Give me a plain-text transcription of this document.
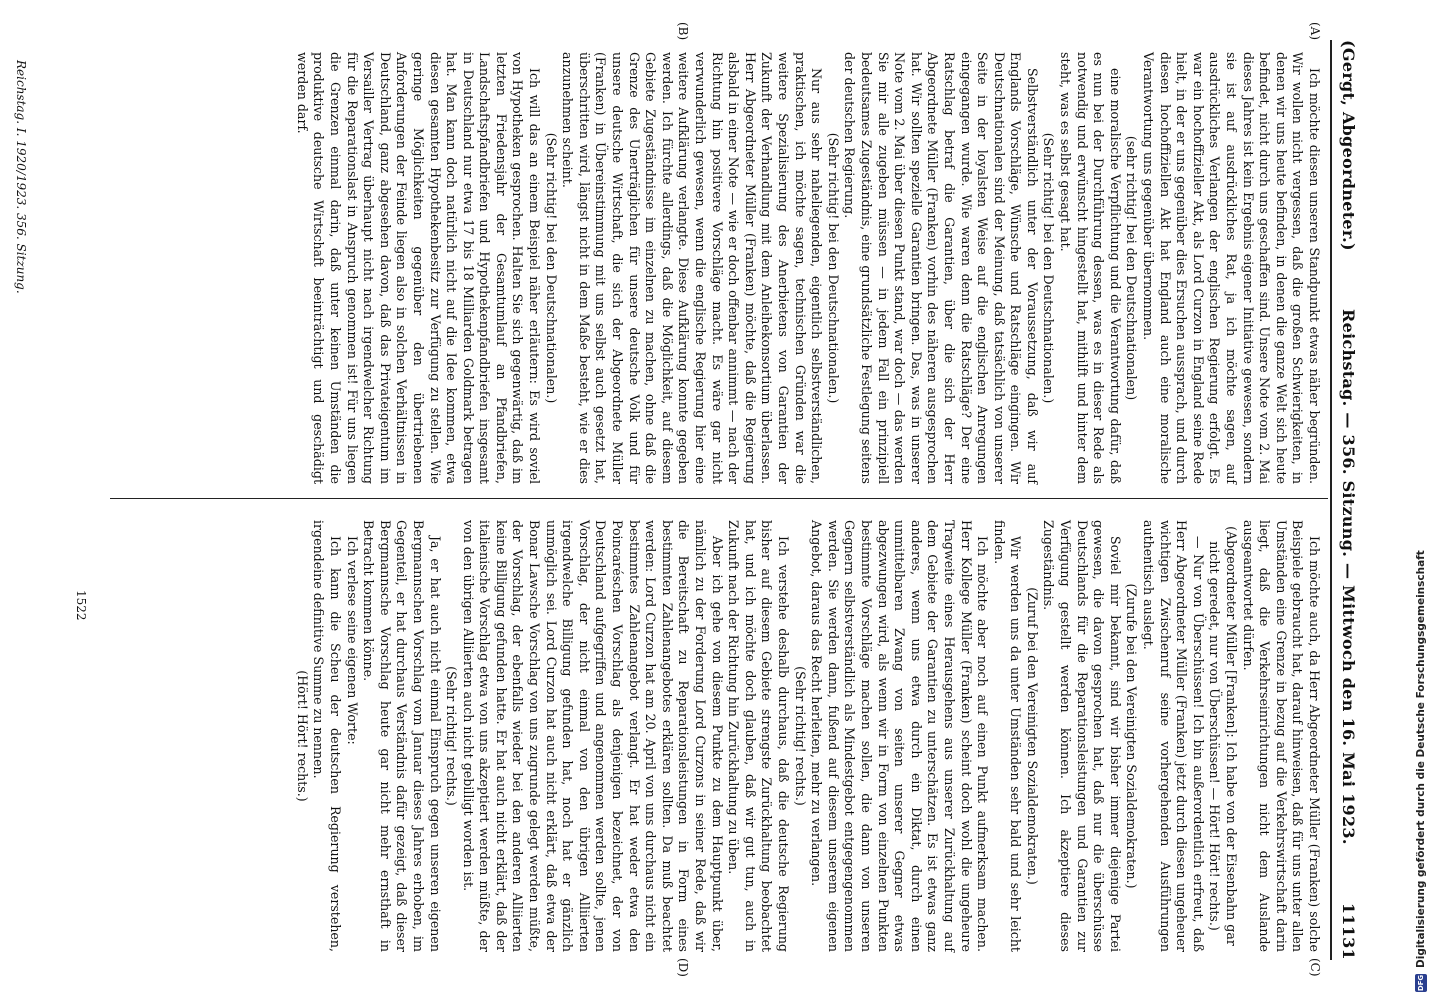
(Gergt, Abgeordneter.)
Reichstag. — 356. Sitzung. — Mittwoch den 16. Mai 1923.
11131
(A)
(B)
(C)
(D)

Ich möchte diesen unseren Standpunkt etwas näher begründen. Wir wollen nicht vergessen, daß die großen Schwierigkeiten, in denen wir uns heute befinden, in denen die ganze Welt sich heute befindet, nicht durch uns geschaffen sind. Unsere Note vom 2. Mai dieses Jahres ist kein Ergebnis eigener Initiative gewesen, sondern sie ist auf ausdrückliches Rat, ja ich möchte sagen, auf ausdrückliches Verlangen der englischen Regierung erfolgt. Es war ein hochoffizieller Akt, als Lord Curzon in England seine Rede hielt, in der er uns gegenüber dies Ersuchen aussprach, und durch diesen hochoffiziellen Akt hat England auch eine moralische Verantwortung uns gegenüber übernommen.

(sehr richtig! bei den Deutschnationalen)

eine moralische Verpflichtung und die Verantwortung dafür, daß es nun bei der Durchführung dessen, was es in dieser Rede als notwendig und erwünscht hingestellt hat, mithilft und hinter dem steht, was es selbst gesagt hat.

(Sehr richtig! bei den Deutschnationalen.)

Selbstverständlich unter der Voraussetzung, daß wir auf Englands Vorschläge, Wünsche und Ratschläge eingingen. Wir Deutschnationalen sind der Meinung, daß tatsächlich von unserer Seite in der loyalsten Weise auf die englischen Anregungen eingegangen wurde. Wie waren denn die Ratschläge? Der eine Ratschlag betraf die Garantien, über die sich der Herr Abgeordnete Müller (Franken) vorhin des näheren ausgesprochen hat. Wir sollten spezielle Garantien bringen. Das, was in unserer Note vom 2. Mai über diesen Punkt stand, war doch — das werden Sie mir alle zugeben müssen — in jedem Fall ein prinzipiell bedeutsames Zugeständnis, eine grundsätzliche Festlegung seitens der deutschen Regierung.

(Sehr richtig! bei den Deutschnationalen.)

Nur aus sehr naheliegenden, eigentlich selbstverständlichen, praktischen, ich möchte sagen, technischen Gründen war die weitere Spezialisierung des Anerbietens von Garantien der Zukunft der Verhandlung mit dem Anleihekonsortium überlassen. Herr Abgeordneter Müller (Franken) möchte, daß die Regierung alsbald in einer Note — wie er doch offenbar annimmt — nach der Richtung hin positivere Vorschläge macht. Es wäre gar nicht verwunderlich gewesen, wenn die englische Regierung hier eine weitere Aufklärung verlangte. Diese Aufklärung konnte gegeben werden. Ich fürchte allerdings, daß die Möglichkeit, auf diesem Gebiete Zugeständnisse im einzelnen zu machen, ohne daß die Grenze des Unerträglichen für unsere deutsche Volk und für unsere deutsche Wirtschaft, die sich der Abgeordnete Müller (Franken) in Übereinstimmung mit uns selbst auch gesetzt hat, überschritten wird, längst nicht in dem Maße besteht, wie er dies anzunehmen scheint.

(Sehr richtig! bei den Deutschnationalen.)

Ich will das an einem Beispiel näher erläutern: Es wird soviel von Hypotheken gesprochen. Halten Sie sich gegenwärtig, daß im letzten Friedensjahr der Gesamtumlauf an Pfandbriefen, Landschaftspfandbriefen und Hypothekenpfandbriefen insgesamt in Deutschland nur etwa 17 bis 18 Milliarden Goldmark betragen hat. Man kann doch natürlich nicht auf die Idee kommen, etwa diesen gesamten Hypothekenbesitz zur Verfügung zu stellen. Wie geringe Möglichkeiten gegenüber den übertriebenen Anforderungen der Feinde liegen also in solchen Verhältnissen in Deutschland, ganz abgesehen davon, daß das Privateigentum im Versailler Vertrag überhaupt nicht nach irgendwelcher Richtung für die Reparationslast in Anspruch genommen ist! Für uns liegen die Grenzen einmal darin, daß unter keinen Umständen die produktive deutsche Wirtschaft beeinträchtigt und geschädigt werden darf.

Ich möchte auch, da Herr Abgeordneter Müller (Franken) solche Beispiele gebraucht hat, darauf hinweisen, daß für uns unter allen Umständen eine Grenze in bezug auf die Verkehrswirtschaft darin liegt, daß die Verkehrseinrichtungen nicht dem Auslande ausgeantwortet dürfen.

(Abgeordneter Müller [Franken]: Ich habe von der Eisenbahn gar nicht geredet, nur von Überschüssen! — Hört! Hört! rechts.)

— Nur von Überschüssen! Ich bin außerordentlich erfreut, daß Herr Abgeordneter Müller (Franken) jetzt durch diesen ungeheuer wichtigen Zwischenruf seine vorhergehenden Ausführungen authentisch auslegt.

(Zurufe bei den Vereinigten Sozialdemokraten.)

Soviel mir bekannt, sind wir bisher immer diejenige Partei gewesen, die davon gesprochen hat, daß nur die überschüsse Deutschlands für die Reparationsleistungen und Garantien zur Verfügung gestellt werden können. Ich akzeptiere dieses Zugeständnis.

(Zuruf bei den Vereinigten Sozialdemokraten.)

Wir werden uns da unter Umständen sehr bald und sehr leicht finden.

Ich möchte aber noch auf einen Punkt aufmerksam machen. Herr Kollege Müller (Franken) scheint doch wohl die ungeheure Tragweite eines Herausgehens aus unserer Zurückhaltung auf dem Gebiete der Garantien zu unterschätzen. Es ist etwas ganz anderes, wenn uns etwa durch ein Diktat, durch einen unmittelbaren Zwang von seiten unserer Gegner etwas abgezwungen wird, als wenn wir in Form von einzelnen Punkten bestimmte Vorschläge machen sollen, die dann von unseren Gegnern selbstverständlich als Mindestgebot entgegengenommen werden. Sie werden dann, fußend auf diesem unserem eigenen Angebot, daraus das Recht herleiten, mehr zu verlangen.

(Sehr richtig! rechts.)

Ich verstehe deshalb durchaus, daß die deutsche Regierung bisher auf diesem Gebiete strengste Zurückhaltung beobachtet hat, und ich möchte doch glauben, daß wir gut tun, auch in Zukunft nach der Richtung hin Zurückhaltung zu üben.

Aber ich gehe von diesem Punkte zu dem Hauptpunkt über, nämlich zu der Forderung Lord Curzons in seiner Rede, daß wir die Bereitschaft zu Reparationsleistungen in Form eines bestimmten Zahlenangebotes erklären sollten. Da muß beachtet werden: Lord Curzon hat am 20. April von uns durchaus nicht ein bestimmtes Zahlenangebot verlangt. Er hat weder etwa den Poincaréschen Vorschlag als denjenigen bezeichnet, der von Deutschland aufgegriffen und angenommen werden sollte, jenen Vorschlag, der nicht einmal von den übrigen Alliierten irgendwelche Billigung gefunden hat, noch hat er gänzlich unmöglich sei. Lord Curzon hat auch nicht erklärt, daß etwa der Bonar Lawsche Vorschlag von uns zugrunde gelegt werden müßte, der Vorschlag, der ebenfalls wieder bei den anderen Alliierten keine Billigung gefunden hatte. Er hat auch nicht erklärt, daß der italienische Vorschlag etwa von uns akzeptiert werden müßte, der von den übrigen Alliierten auch nicht gebilligt worden ist.

(Sehr richtig! rechts.)

Ja, er hat auch nicht einmal Einspruch gegen unseren eigenen Bergmannschen Vorschlag vom Januar dieses Jahres erhoben, im Gegenteil, er hat durchaus Verständnis dafür gezeigt, daß dieser Bergmannsche Vorschlag heute gar nicht mehr ernsthaft in Betracht kommen könne.

Ich verlese seine eigenen Worte:

Ich kann die Scheu der deutschen Regierung verstehen, irgendeine definitive Summe zu nennen.

(Hört! Hört! rechts.)

1522
Reichstag. I. 1920/1923. 356. Sitzung.
DFG
Digitalisierung gefördert durch die Deutsche Forschungsgemeinschaft
